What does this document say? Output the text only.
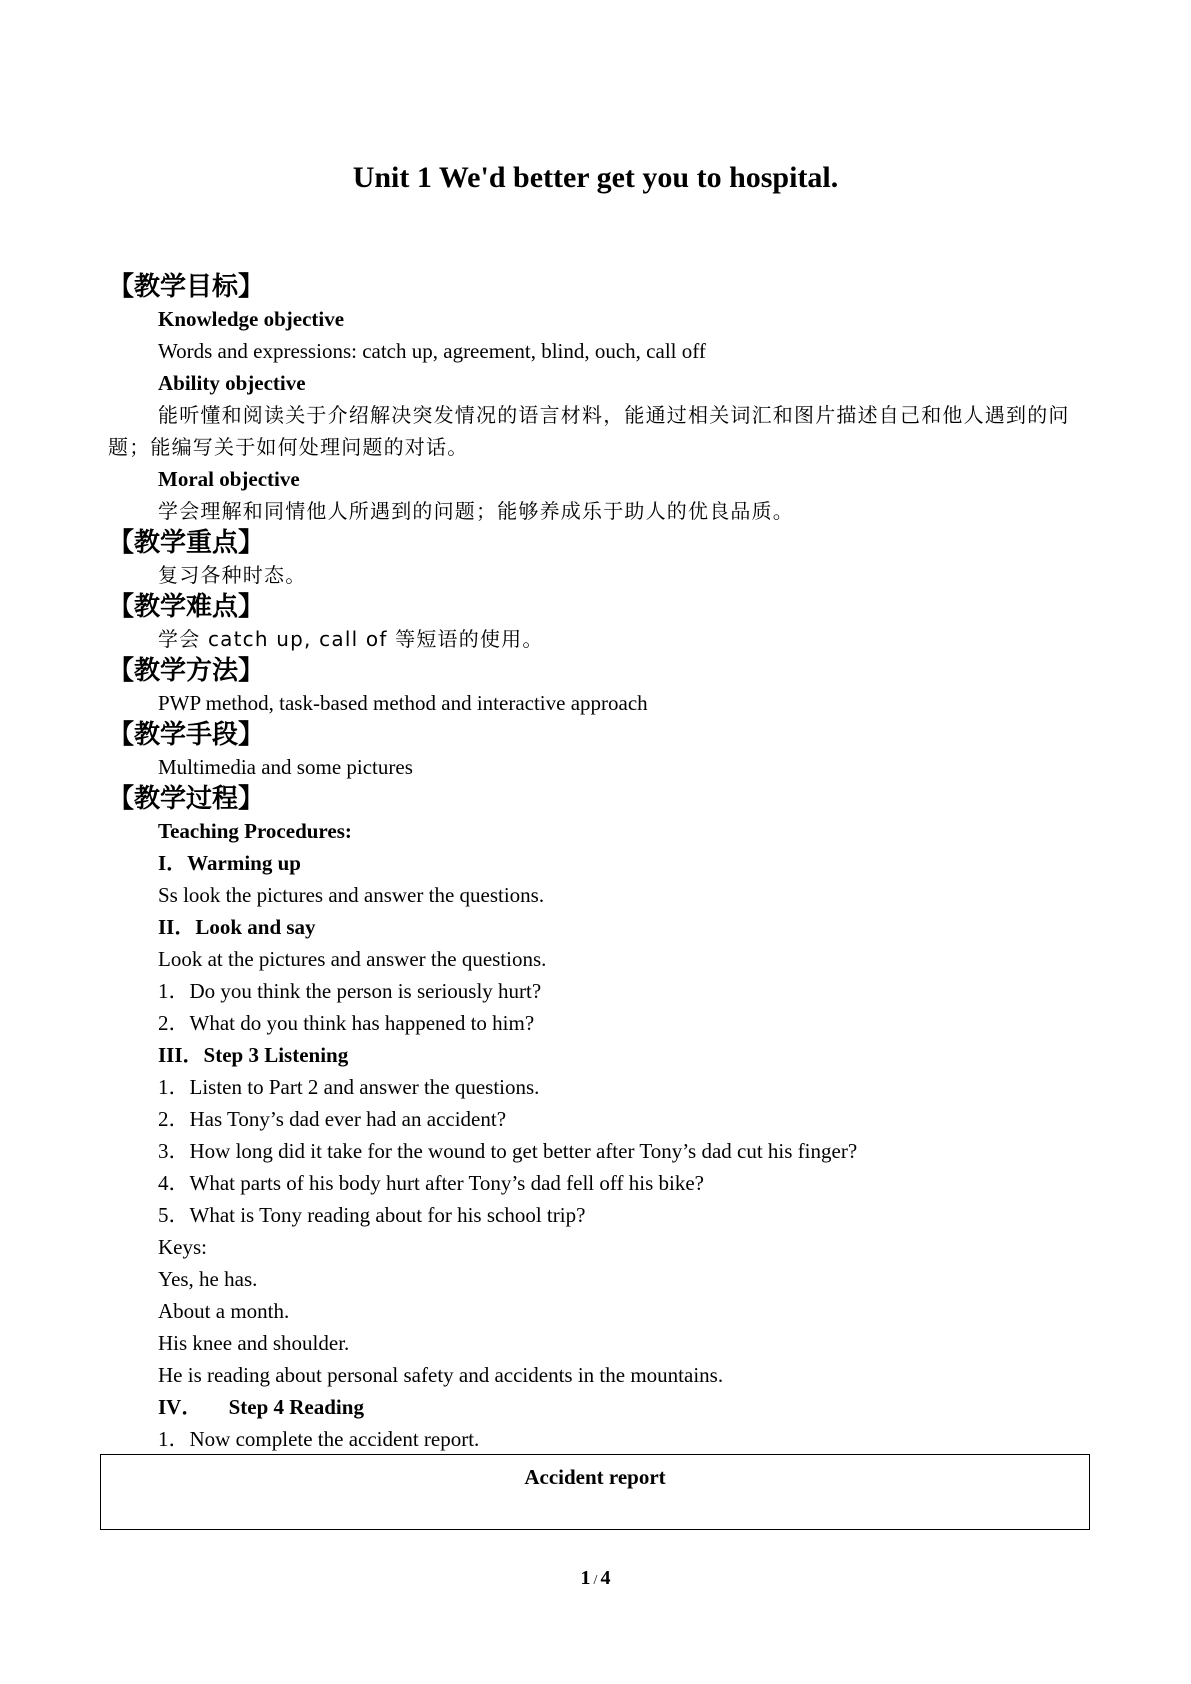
Unit 1 We'd better get you to hospital.
【教学目标】
Knowledge objective
Words and expressions: catch up, agreement, blind, ouch, call off
Ability objective

能听懂和阅读关于介绍解决突发情况的语言材料，能通过相关词汇和图片描述自己和他人遇到的问题；能编写关于如何处理问题的对话。

Moral objective
学会理解和同情他人所遇到的问题；能够养成乐于助人的优良品质。
【教学重点】
复习各种时态。
【教学难点】
学会 catch up, call of 等短语的使用。
【教学方法】
PWP method, task-based method and interactive approach
【教学手段】
Multimedia and some pictures
【教学过程】
Teaching Procedures:
I．Warming up
Ss look the pictures and answer the questions.
II．Look and say
Look at the pictures and answer the questions.
1．Do you think the person is seriously hurt?
2．What do you think has happened to him?
III．Step 3 Listening
1．Listen to Part 2 and answer the questions.
2．Has Tony’s dad ever had an accident?
3．How long did it take for the wound to get better after Tony’s dad cut his finger?
4．What parts of his body hurt after Tony’s dad fell off his bike?
5．What is Tony reading about for his school trip?
Keys:
Yes, he has.
About a month.
His knee and shoulder.
He is reading about personal safety and accidents in the mountains.
IV．     Step 4 Reading
1．Now complete the accident report.
Accident report
1 / 4
